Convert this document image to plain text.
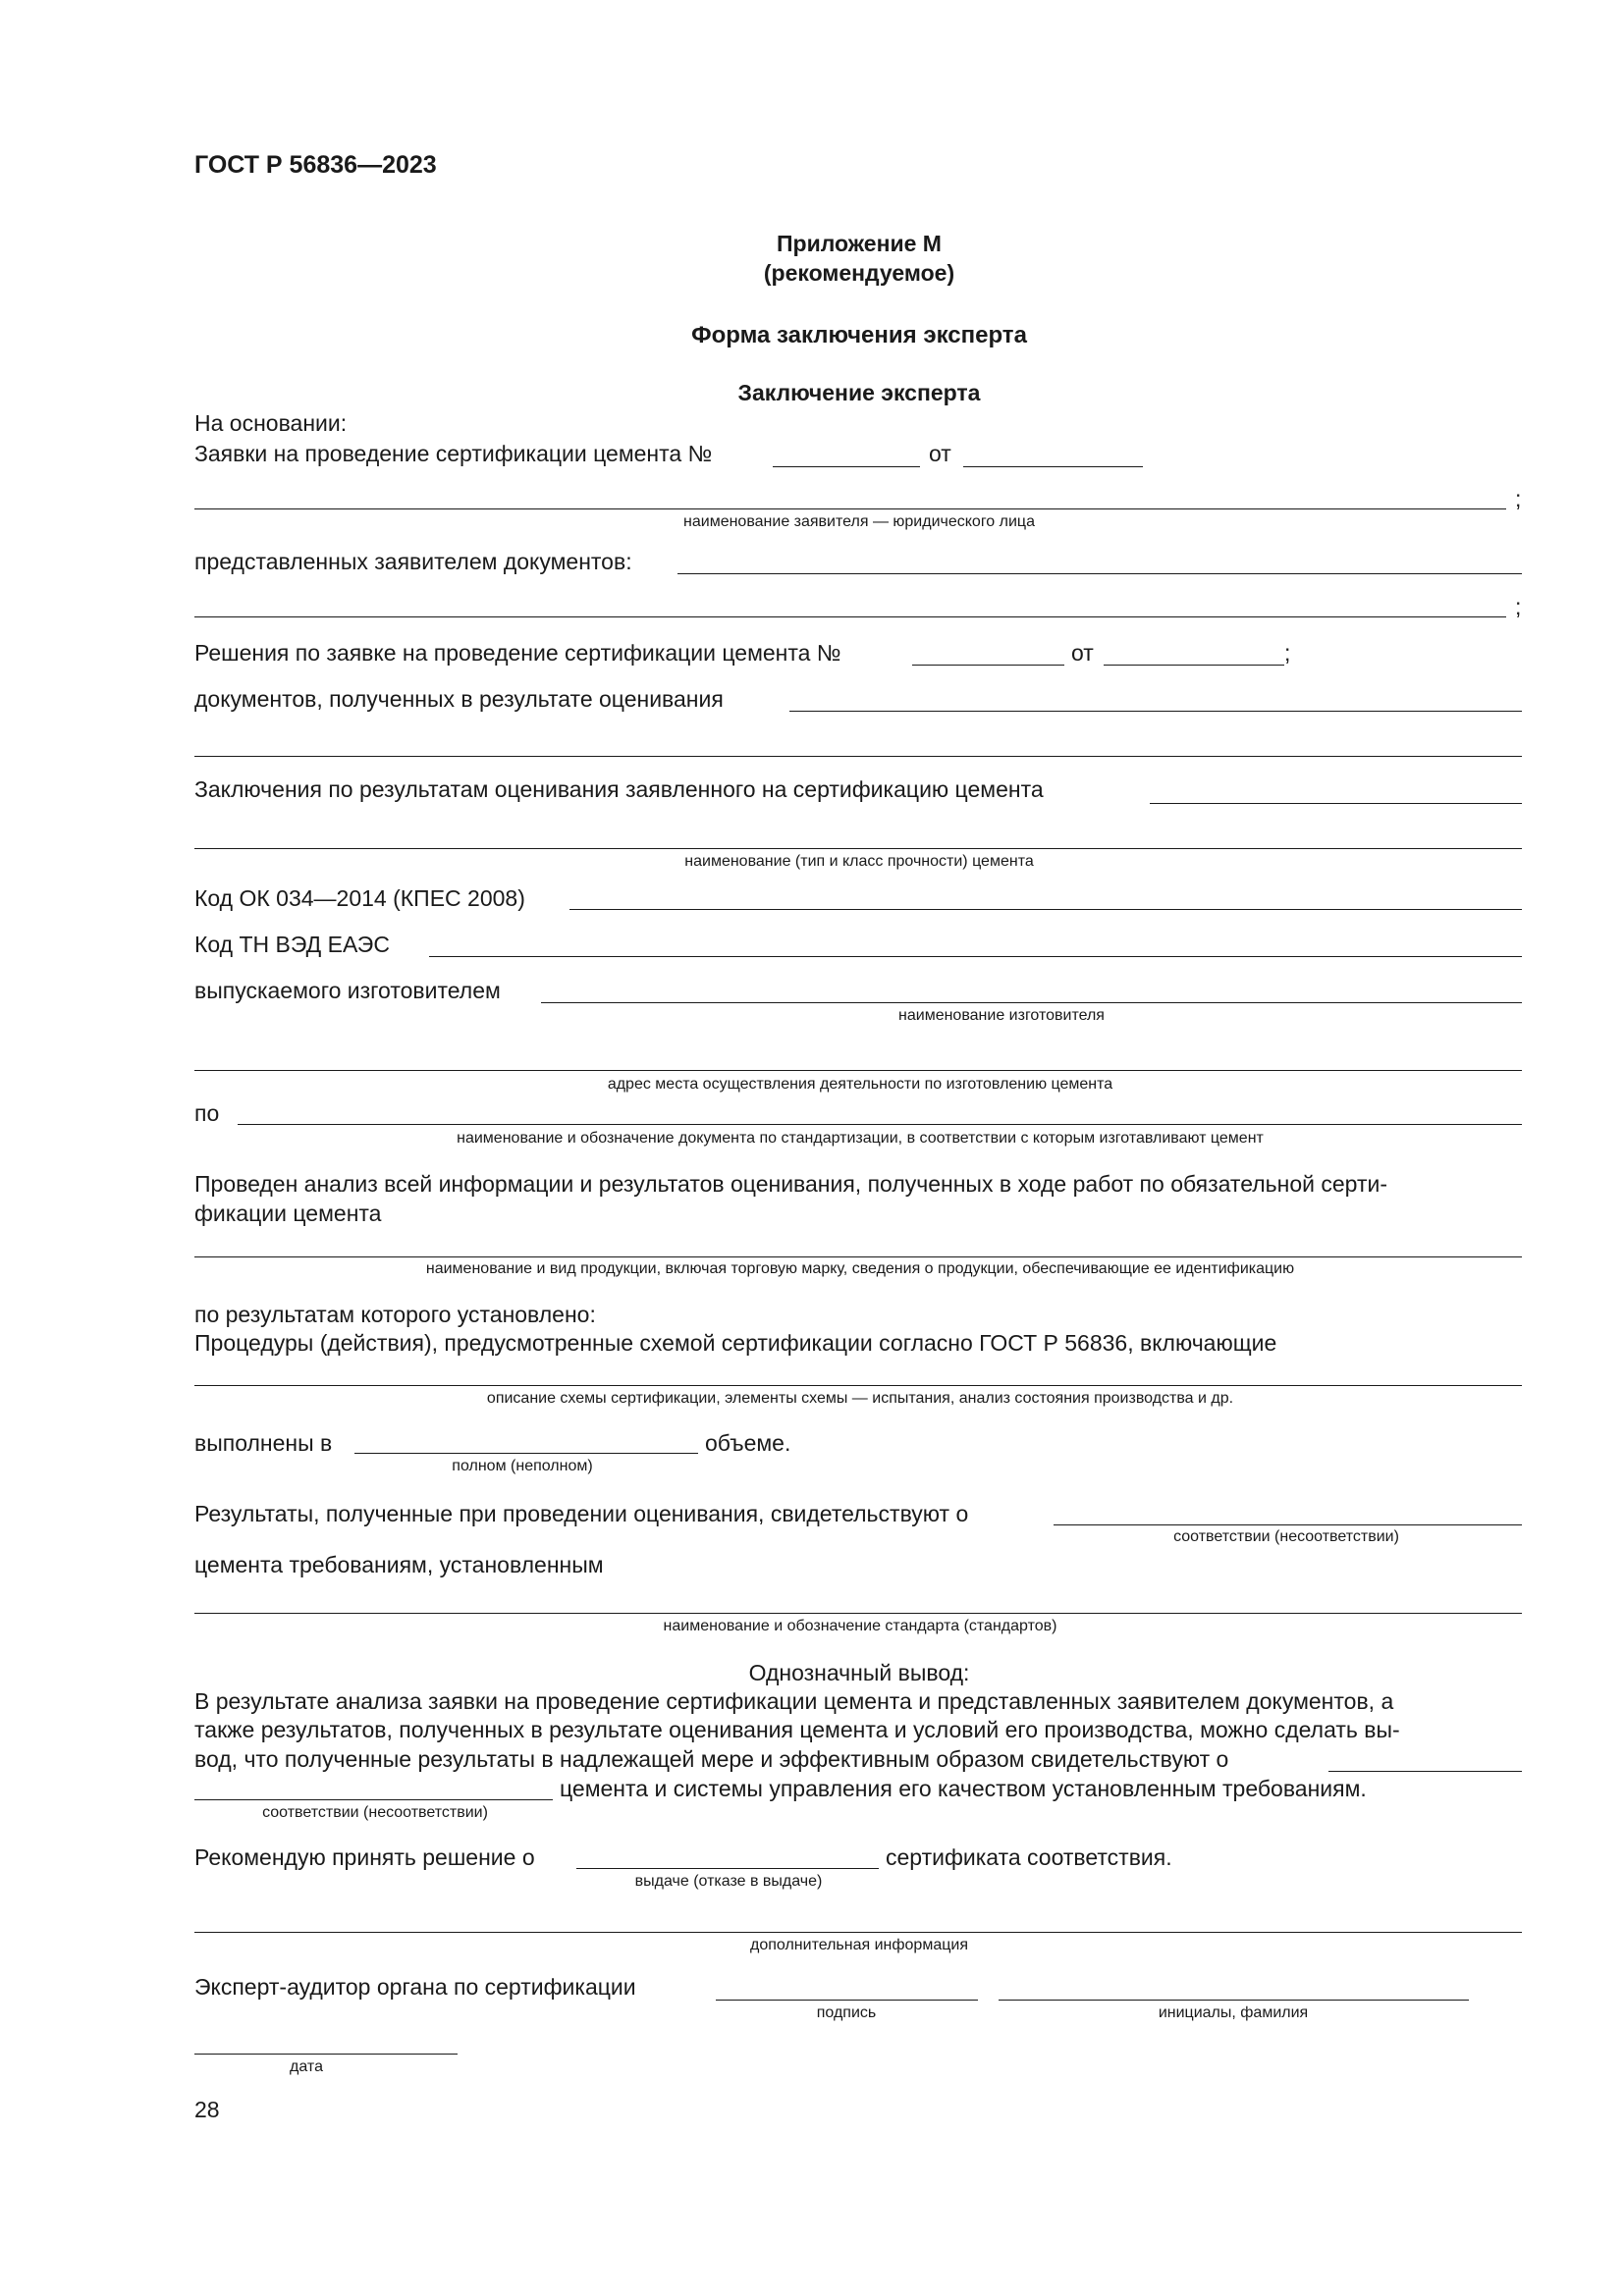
ГОСТ Р 56836—2023
Приложение М
(рекомендуемое)
Форма заключения эксперта
Заключение эксперта
На основании:
Заявки на проведение сертификации цемента №	от
;
наименование заявителя — юридического лица
представленных заявителем документов:
;
Решения по заявке на проведение сертификации цемента №	от	;
документов, полученных в результате оценивания
Заключения по результатам оценивания заявленного на сертификацию цемента
наименование (тип и класс прочности) цемента
Код ОК 034—2014 (КПЕС 2008)
Код ТН ВЭД ЕАЭС
выпускаемого изготовителем
наименование изготовителя
адрес места осуществления деятельности по изготовлению цемента
по
наименование и обозначение документа по стандартизации, в соответствии с которым изготавливают цемент
Проведен анализ всей информации и результатов оценивания, полученных в ходе работ по обязательной серти-
фикации цемента
наименование и вид продукции, включая торговую марку, сведения о продукции, обеспечивающие ее идентификацию
по результатам которого установлено:
Процедуры (действия), предусмотренные схемой сертификации согласно ГОСТ Р 56836, включающие
описание схемы сертификации, элементы схемы — испытания, анализ состояния производства и др.
выполнены в	объеме.
полном (неполном)
Результаты, полученные при проведении оценивания, свидетельствуют о
соответствии (несоответствии)
цемента требованиям, установленным
наименование и обозначение стандарта (стандартов)
Однозначный вывод:
В результате анализа заявки на проведение сертификации цемента и представленных заявителем документов, а
также результатов, полученных в результате оценивания цемента и условий его производства, можно сделать вы-
вод, что полученные результаты в надлежащей мере и эффективным образом свидетельствуют о
цемента и системы управления его качеством установленным требованиям.
соответствии (несоответствии)
Рекомендую принять решение о	сертификата соответствия.
выдаче (отказе в выдаче)
дополнительная информация
Эксперт-аудитор органа по сертификации
подпись	инициалы, фамилия
дата
28
